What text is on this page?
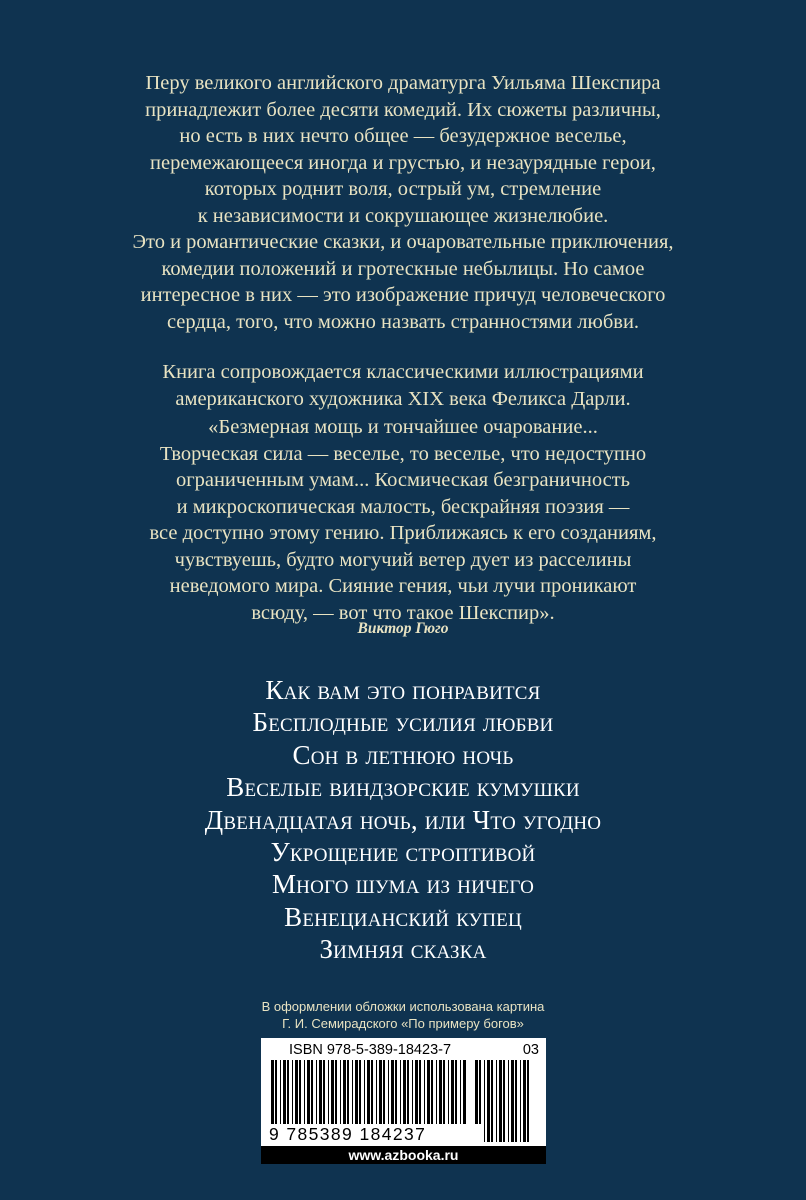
Перу великого английского драматурга Уильяма Шекспира
принадлежит более десяти комедий. Их сюжеты различны,
но есть в них нечто общее — безудержное веселье,
перемежающееся иногда и грустью, и незаурядные герои,
которых роднит воля, острый ум, стремление
к независимости и сокрушающее жизнелюбие.
Это и романтические сказки, и очаровательные приключения,
комедии положений и гротескные небылицы. Но самое
интересное в них — это изображение причуд человеческого
сердца, того, что можно назвать странностями любви.

Книга сопровождается классическими иллюстрациями
американского художника XIX века Феликса Дарли.

«Безмерная мощь и тончайшее очарование...
Творческая сила — веселье, то веселье, что недоступно
ограниченным умам... Космическая безграничность
и микроскопическая малость, бескрайняя поэзия —
все доступно этому гению. Приближаясь к его созданиям,
чувствуешь, будто могучий ветер дует из расселины
неведомого мира. Сияние гения, чьи лучи проникают
всюду, — вот что такое Шекспир».
Виктор Гюго
Как вам это понравится
Бесплодные усилия любви
Сон в летнюю ночь
Веселые виндзорские кумушки
Двенадцатая ночь, или Что угодно
Укрощение строптивой
Много шума из ничего
Венецианский купец
Зимняя сказка
В оформлении обложки использована картина
Г. И. Семирадского «По примеру богов»
ISBN 978-5-389-18423-7	03
9 785389 184237
www.azbooka.ru
